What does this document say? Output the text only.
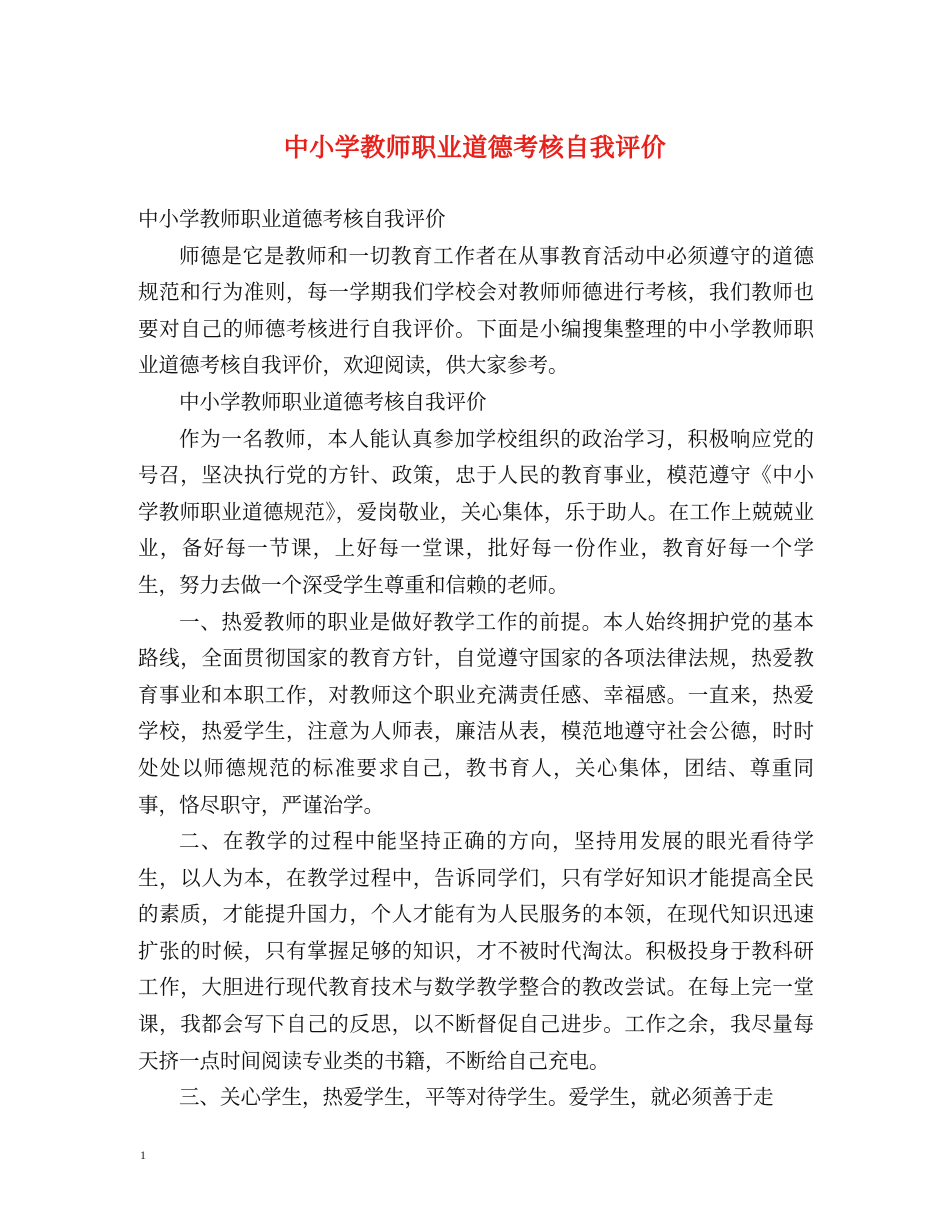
中小学教师职业道德考核自我评价

中小学教师职业道德考核自我评价

师德是它是教师和一切教育工作者在从事教育活动中必须遵守的道德规范和行为准则，每一学期我们学校会对教师师德进行考核，我们教师也要对自己的师德考核进行自我评价。下面是小编搜集整理的中小学教师职业道德考核自我评价，欢迎阅读，供大家参考。

中小学教师职业道德考核自我评价

作为一名教师，本人能认真参加学校组织的政治学习，积极响应党的号召，坚决执行党的方针、政策，忠于人民的教育事业，模范遵守《中小学教师职业道德规范》，爱岗敬业，关心集体，乐于助人。在工作上兢兢业业，备好每一节课，上好每一堂课，批好每一份作业，教育好每一个学生，努力去做一个深受学生尊重和信赖的老师。

一、热爱教师的职业是做好教学工作的前提。本人始终拥护党的基本路线，全面贯彻国家的教育方针，自觉遵守国家的各项法律法规，热爱教育事业和本职工作，对教师这个职业充满责任感、幸福感。一直来，热爱学校，热爱学生，注意为人师表，廉洁从表，模范地遵守社会公德，时时处处以师德规范的标准要求自己，教书育人，关心集体，团结、尊重同事，恪尽职守，严谨治学。

二、在教学的过程中能坚持正确的方向，坚持用发展的眼光看待学生，以人为本，在教学过程中，告诉同学们，只有学好知识才能提高全民的素质，才能提升国力，个人才能有为人民服务的本领，在现代知识迅速扩张的时候，只有掌握足够的知识，才不被时代淘汰。积极投身于教科研工作，大胆进行现代教育技术与数学教学整合的教改尝试。在每上完一堂课，我都会写下自己的反思，以不断督促自己进步。工作之余，我尽量每天挤一点时间阅读专业类的书籍，不断给自己充电。

三、关心学生，热爱学生，平等对待学生。爱学生，就必须善于走

1
